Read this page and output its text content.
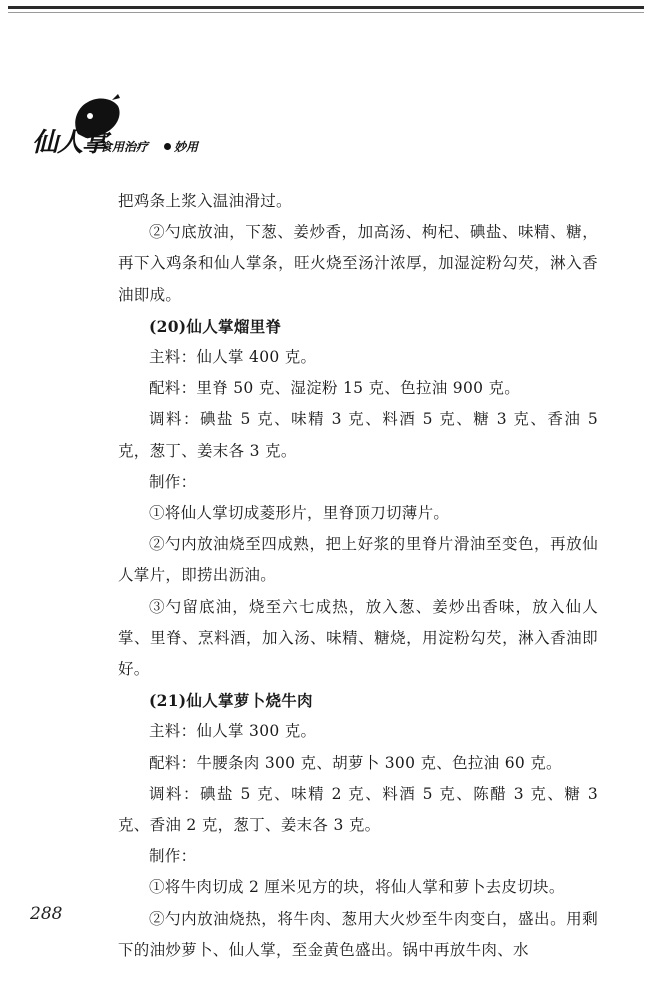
仙人掌
食用治疗 妙用

把鸡条上浆入温油滑过。

②勺底放油，下葱、姜炒香，加高汤、枸杞、碘盐、味精、糖，再下入鸡条和仙人掌条，旺火烧至汤汁浓厚，加湿淀粉勾芡，淋入香油即成。

(20)仙人掌熘里脊

主料：仙人掌 400 克。

配料：里脊 50 克、湿淀粉 15 克、色拉油 900 克。

调料：碘盐 5 克、味精 3 克、料酒 5 克、糖 3 克、香油 5 克，葱丁、姜末各 3 克。

制作：

①将仙人掌切成菱形片，里脊顶刀切薄片。

②勺内放油烧至四成熟，把上好浆的里脊片滑油至变色，再放仙人掌片，即捞出沥油。

③勺留底油，烧至六七成热，放入葱、姜炒出香味，放入仙人掌、里脊、烹料酒，加入汤、味精、糖烧，用淀粉勾芡，淋入香油即好。

(21)仙人掌萝卜烧牛肉

主料：仙人掌 300 克。

配料：牛腰条肉 300 克、胡萝卜 300 克、色拉油 60 克。

调料：碘盐 5 克、味精 2 克、料酒 5 克、陈醋 3 克、糖 3 克、香油 2 克，葱丁、姜末各 3 克。

制作：

①将牛肉切成 2 厘米见方的块，将仙人掌和萝卜去皮切块。

②勺内放油烧热，将牛肉、葱用大火炒至牛肉变白，盛出。用剩下的油炒萝卜、仙人掌，至金黄色盛出。锅中再放牛肉、水

288
